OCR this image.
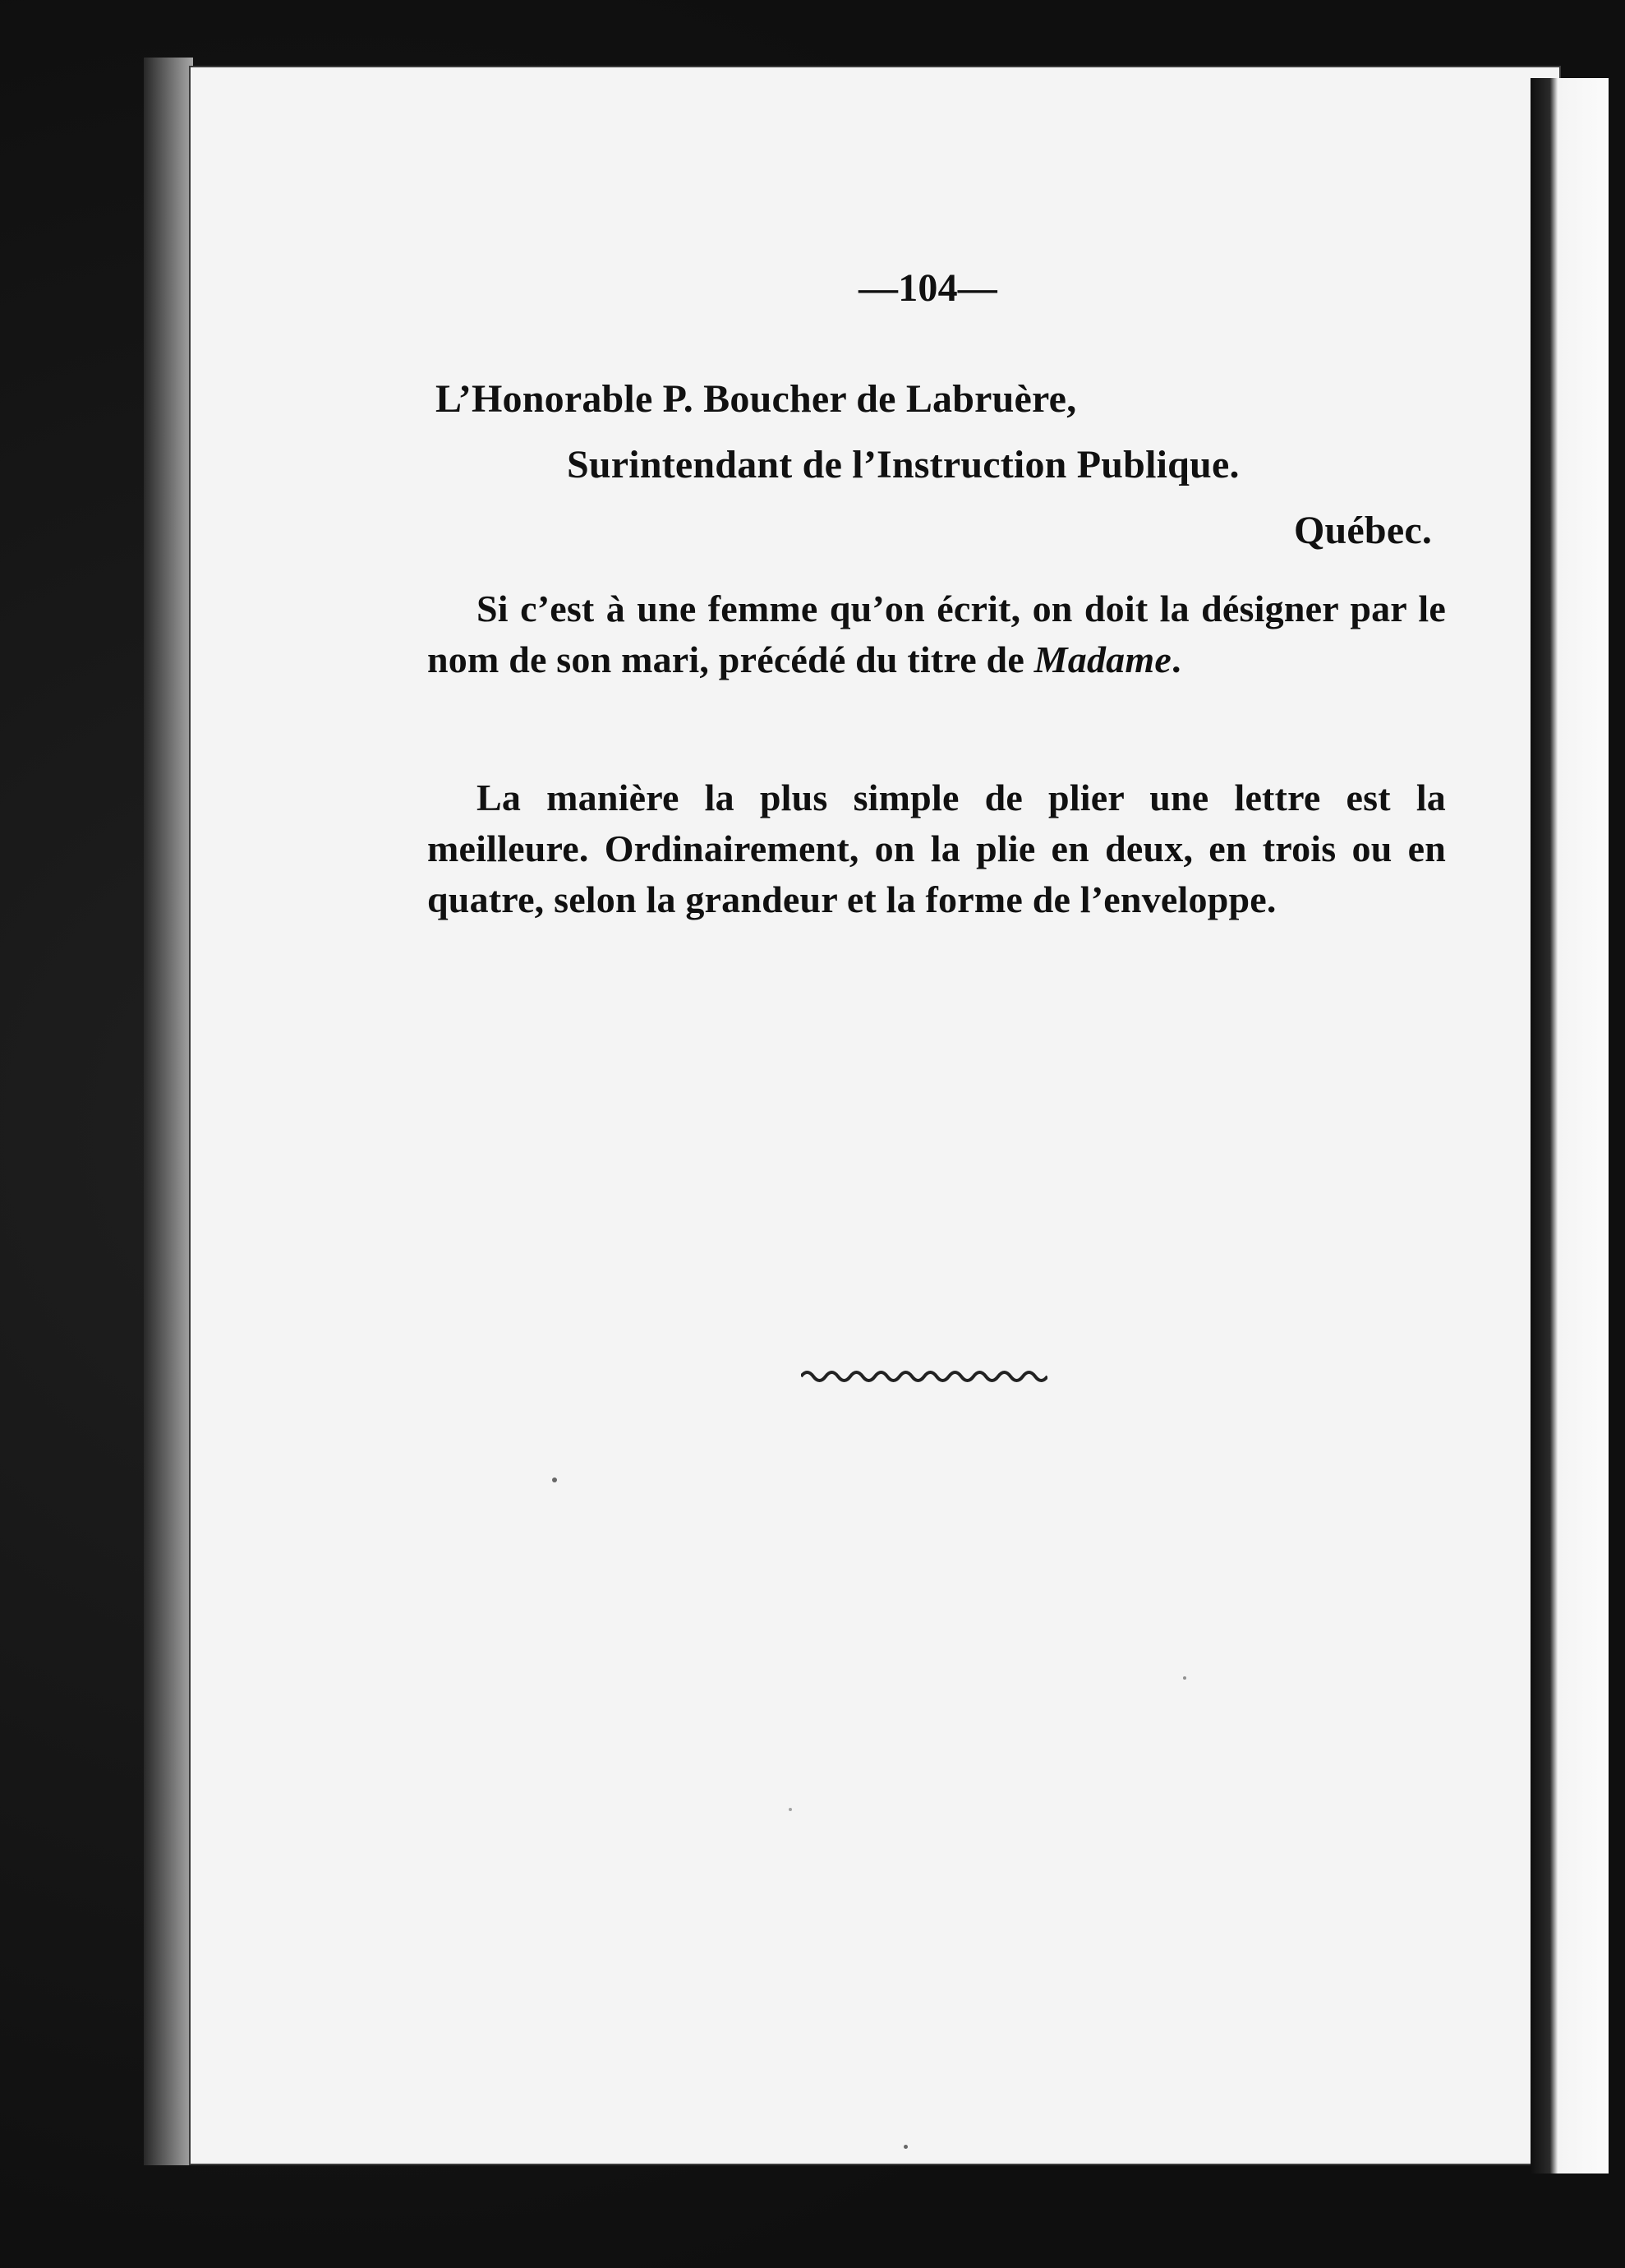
—104—
L’Honorable P. Boucher de Labruère,
Surintendant de l’Instruction Publique.
Québec.
Si c’est à une femme qu’on écrit, on doit la désigner par le nom de son mari, précédé du titre de Madame.
La manière la plus simple de plier une lettre est la meilleure. Ordinairement, on la plie en deux, en trois ou en quatre, selon la grandeur et la forme de l’enveloppe.
